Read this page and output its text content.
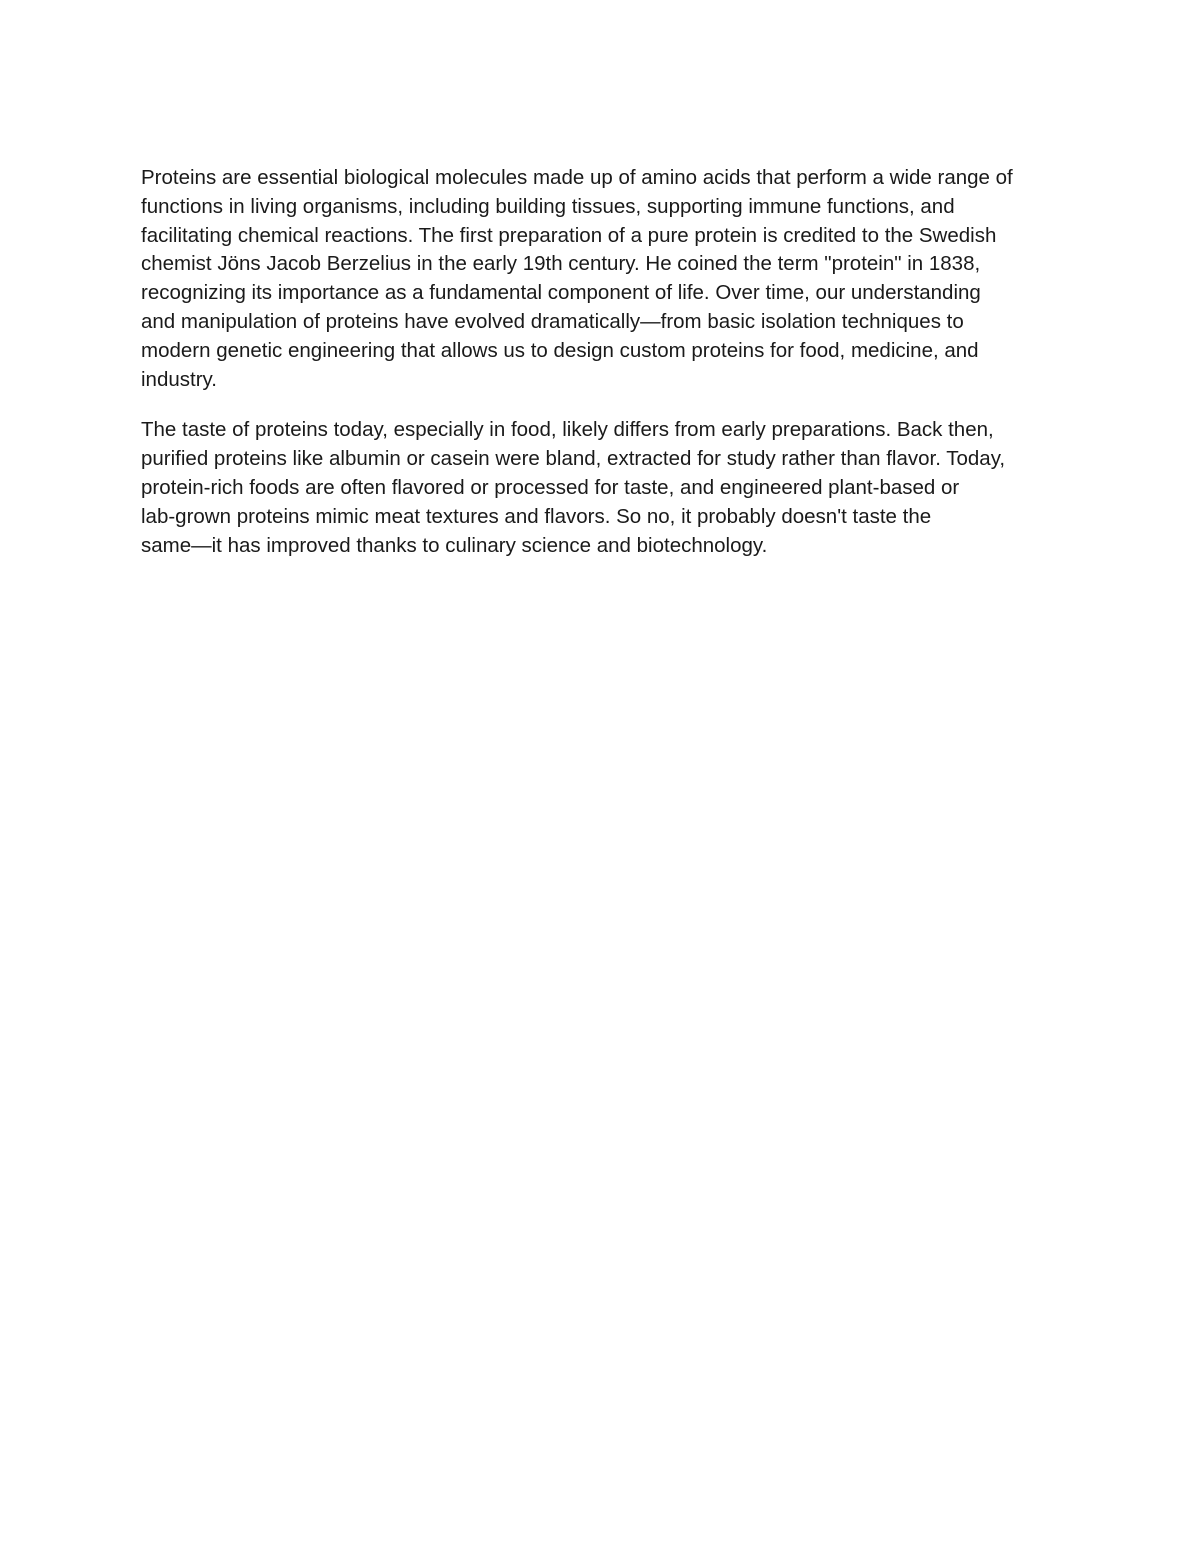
Proteins are essential biological molecules made up of amino acids that perform a wide range of
functions in living organisms, including building tissues, supporting immune functions, and
facilitating chemical reactions. The first preparation of a pure protein is credited to the Swedish
chemist Jöns Jacob Berzelius in the early 19th century. He coined the term "protein" in 1838,
recognizing its importance as a fundamental component of life. Over time, our understanding
and manipulation of proteins have evolved dramatically—from basic isolation techniques to
modern genetic engineering that allows us to design custom proteins for food, medicine, and
industry.
The taste of proteins today, especially in food, likely differs from early preparations. Back then,
purified proteins like albumin or casein were bland, extracted for study rather than flavor. Today,
protein-rich foods are often flavored or processed for taste, and engineered plant-based or
lab-grown proteins mimic meat textures and flavors. So no, it probably doesn't taste the
same—it has improved thanks to culinary science and biotechnology.
